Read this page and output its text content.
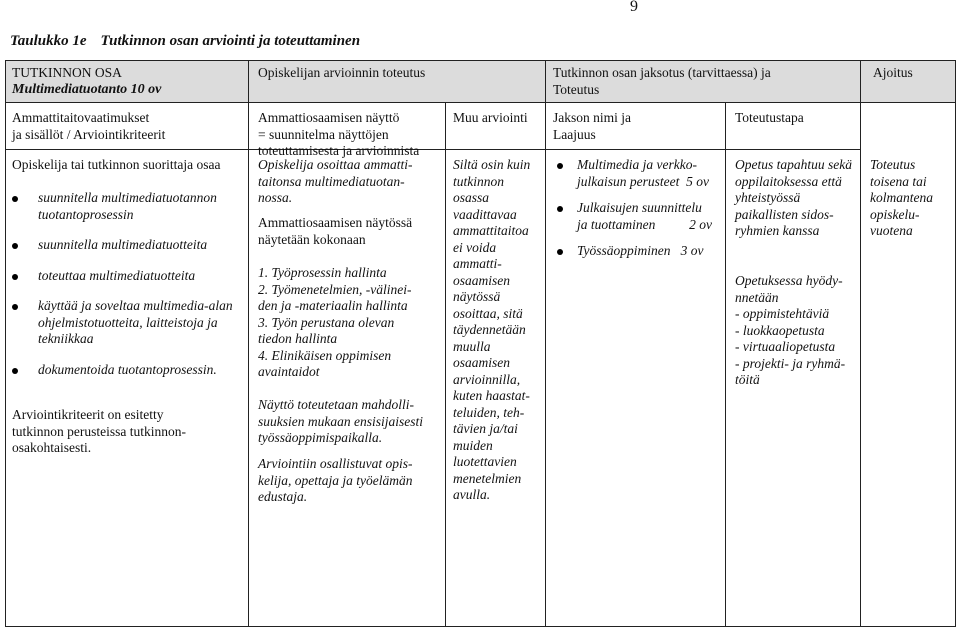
9
Taulukko 1e Tutkinnon osan arviointi ja toteuttaminen
TUTKINNON OSA
Multimediatuotanto 10 ov
Opiskelijan arvioinnin toteutus	Tutkinnon osan jaksotus (tarvittaessa) ja
Toteutus
Ajoitus
Ammattitaitovaatimukset
ja sisällöt / Arviointikriteerit
Ammattiosaamisen näyttö
= suunnitelma näyttöjen
toteuttamisesta ja arvioinnista
Muu arviointi Jakson nimi ja
Laajuus
Toteutustapa
Opiskelija tai tutkinnon suorittaja osaa
suunnitella multimediatuotannon
tuotantoprosessin
suunnitella multimediatuotteita
toteuttaa multimediatuotteita
käyttää ja soveltaa multimedia-alan
ohjelmistotuotteita, laitteistoja ja
tekniikkaa
dokumentoida tuotantoprosessin.
Arviointikriteerit on esitetty
tutkinnon perusteissa tutkinnon-
osakohtaisesti.
Opiskelija osoittaa ammatti-
taitonsa multimediatuotan-
nossa.
Ammattiosaamisen näytössä
näytetään kokonaan
1. Työprosessin hallinta
2. Työmenetelmien, -välinei-
den ja -materiaalin hallinta
3. Työn perustana olevan
tiedon hallinta
4. Elinikäisen oppimisen
avaintaidot
Näyttö toteutetaan mahdolli-
suuksien mukaan ensisijaisesti
työssäoppimispaikalla.
Arviointiin osallistuvat opis-
kelija, opettaja ja työelämän
edustaja.
Siltä osin kuin
tutkinnon
osassa
vaadittavaa
ammattitaitoa
ei voida
ammatti-
osaamisen
näytössä
osoittaa, sitä
täydennetään
muulla
osaamisen
arvioinnilla,
kuten haastat-
teluiden, teh-
tävien ja/tai
muiden
luotettavien
menetelmien
avulla.
Multimedia ja verkko-
julkaisun perusteet 5 ov
Julkaisujen suunnittelu
ja tuottaminen	2 ov
Työssäoppiminen 3 ov
Opetus tapahtuu sekä
oppilaitoksessa että
yhteistyössä
paikallisten sidos-
ryhmien kanssa
Opetuksessa hyödy-
nnetään
- oppimistehtäviä
- luokkaopetusta
- virtuaaliopetusta
- projekti- ja ryhmä-
töitä
Toteutus
toisena tai
kolmantena
opiskelu-
vuotena
